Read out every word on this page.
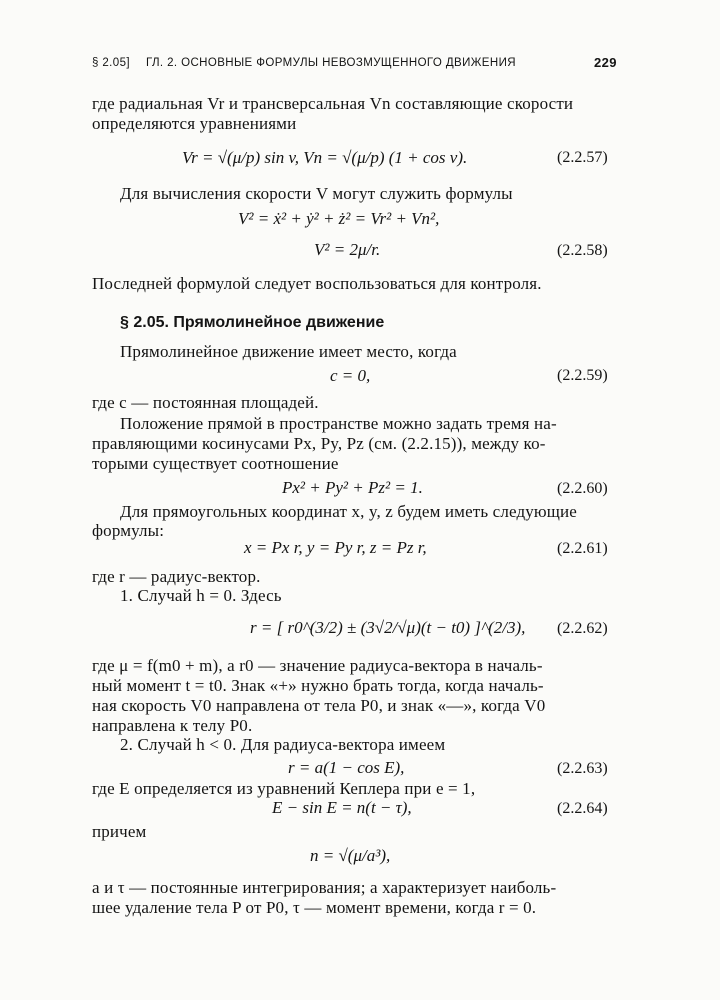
§ 2.05] ГЛ. 2. ОСНОВНЫЕ ФОРМУЛЫ НЕВОЗМУЩЕННОГО ДВИЖЕНИЯ	229
где радиальная Vr и трансверсальная Vn составляющие скорости
определяются уравнениями
Vr = √(μ/p) sin v, Vn = √(μ/p) (1 + cos v).	(2.2.57)
Для вычисления скорости V могут служить формулы
V² = ẋ² + ẏ² + ż² = Vr² + Vn²,
V² = 2μ/r.	(2.2.58)
Последней формулой следует воспользоваться для контроля.
§ 2.05. Прямолинейное движение
Прямолинейное движение имеет место, когда
c = 0,	(2.2.59)
где c — постоянная площадей.
Положение прямой в пространстве можно задать тремя на-
правляющими косинусами Px, Py, Pz (см. (2.2.15)), между ко-
торыми существует соотношение
Px² + Py² + Pz² = 1.	(2.2.60)
Для прямоугольных координат x, y, z будем иметь следующие
формулы:
x = Px r, y = Py r, z = Pz r,	(2.2.61)
где r — радиус-вектор.
1. Случай h = 0. Здесь
r = [ r0^(3/2) ± (3√2/√μ)(t − t0) ]^(2/3), (2.2.62)
где μ = f(m0 + m), а r0 — значение радиуса-вектора в началь-
ный момент t = t0. Знак «+» нужно брать тогда, когда началь-
ная скорость V0 направлена от тела P0, и знак «—», когда V0
направлена к телу P0.
2. Случай h < 0. Для радиуса-вектора имеем
r = a(1 − cos E),	(2.2.63)
где E определяется из уравнений Кеплера при e = 1,
E − sin E = n(t − τ),	(2.2.64)
причем
n = √(μ/a³),
a и τ — постоянные интегрирования; a характеризует наиболь-
шее удаление тела P от P0, τ — момент времени, когда r = 0.
